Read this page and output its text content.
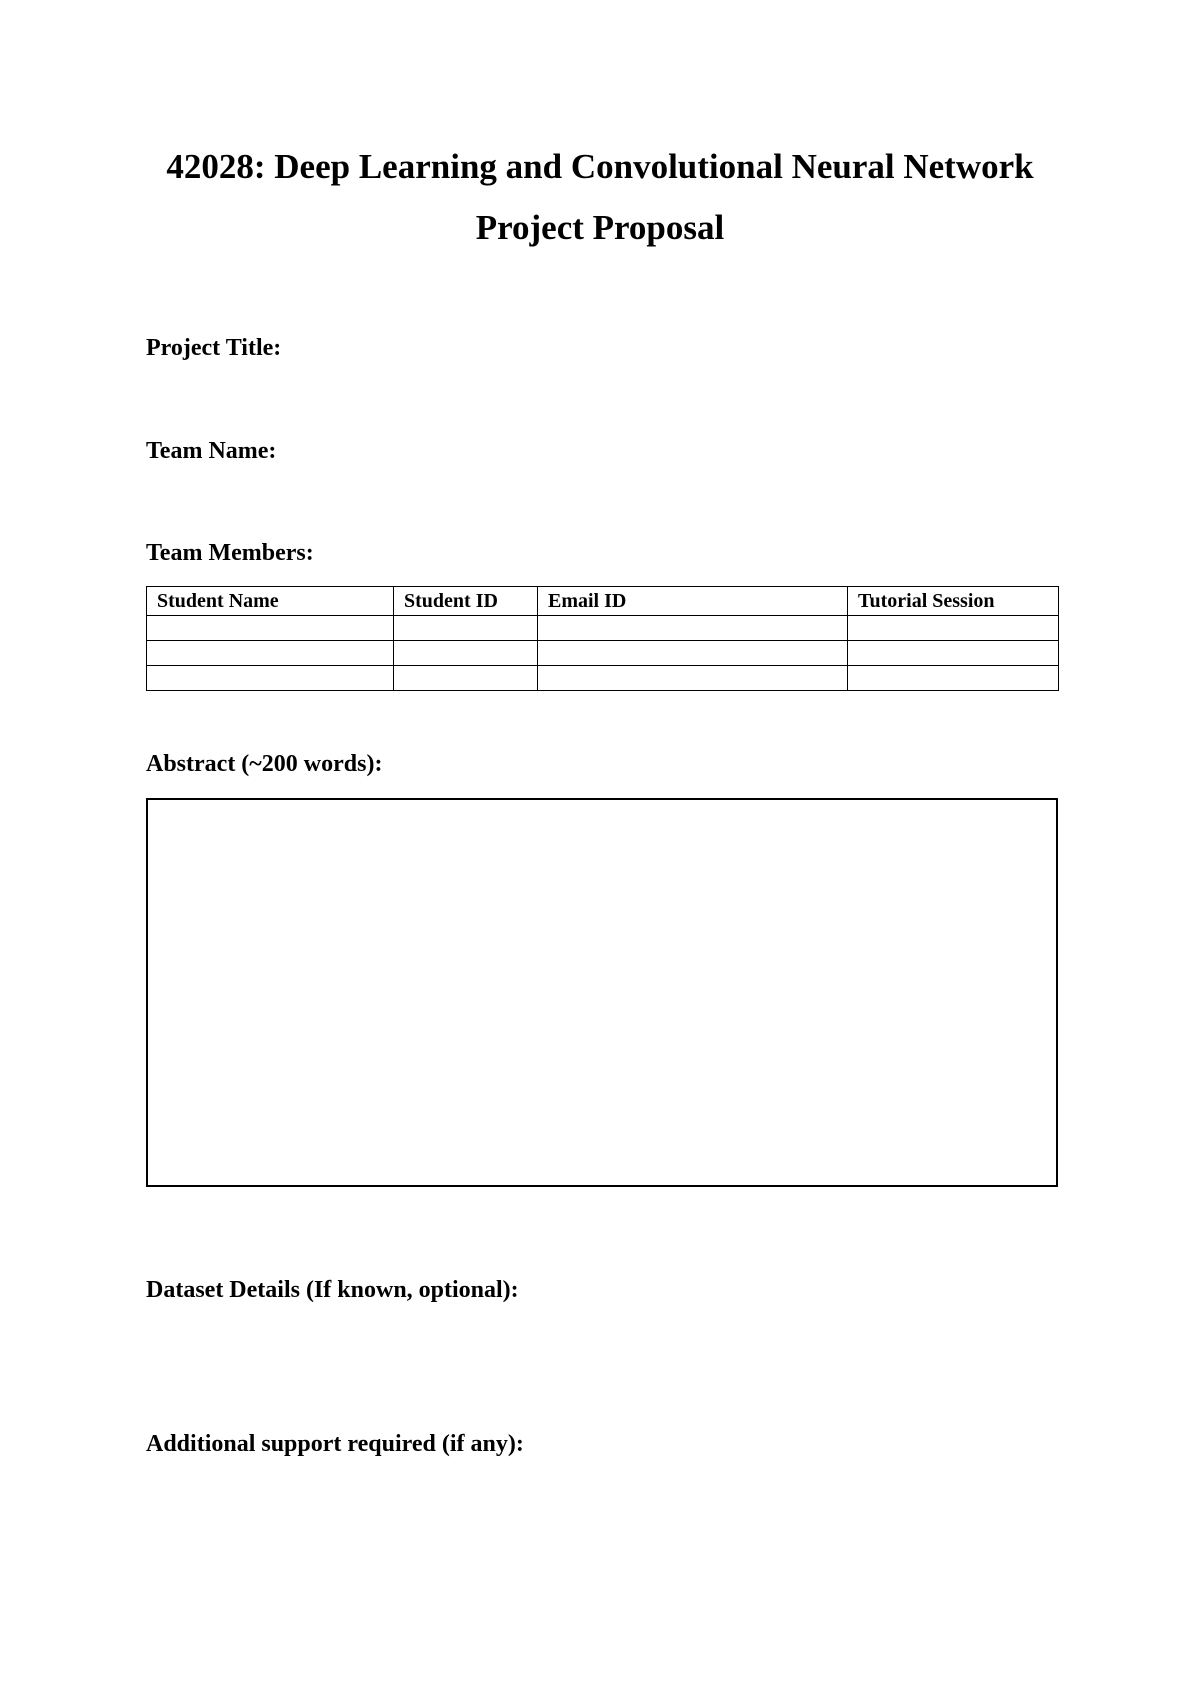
42028: Deep Learning and Convolutional Neural Network
Project Proposal

Project Title:

Team Name:

Team Members:

Student Name	Student ID	Email ID	Tutorial Session

Abstract (~200 words):

Dataset Details (If known, optional):

Additional support required (if any):
